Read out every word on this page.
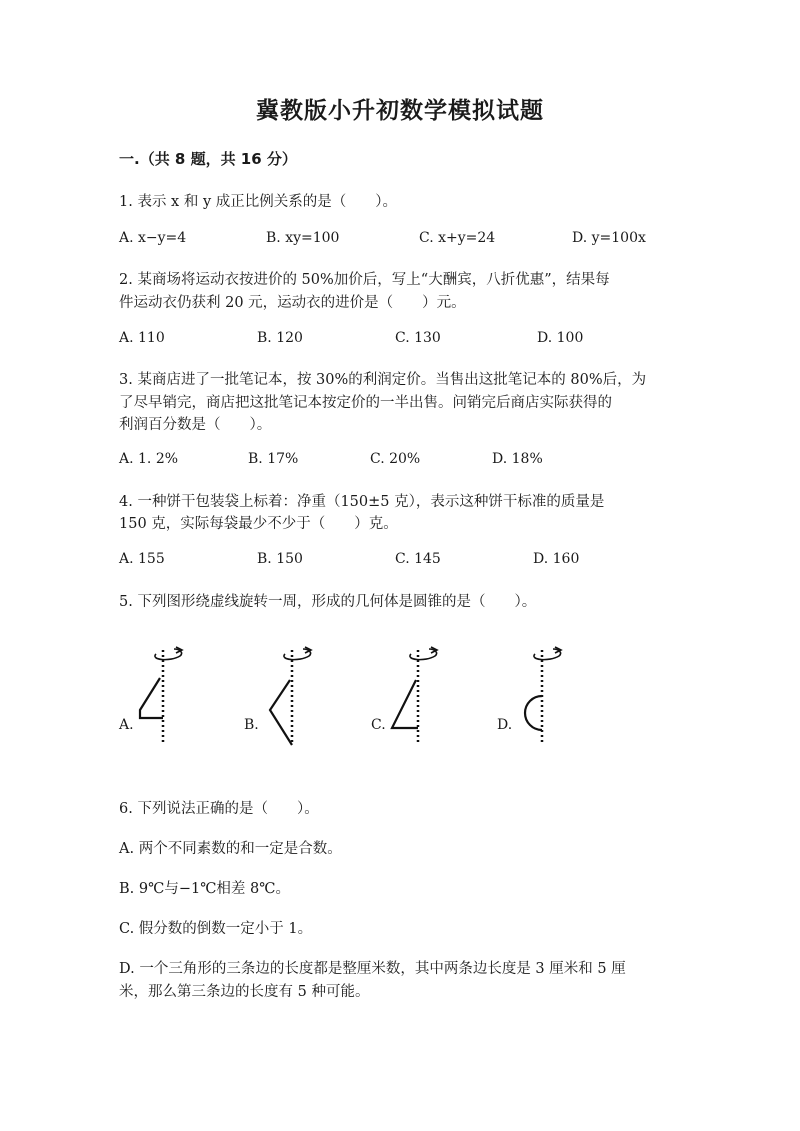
冀教版小升初数学模拟试题
一.（共 8 题，共 16 分）
1. 表示 x 和 y 成正比例关系的是（　　）。
A. x−y=4	B. xy=100	C. x+y=24	D. y=100x
2. 某商场将运动衣按进价的 50%加价后，写上“大酬宾，八折优惠”，结果每
件运动衣仍获利 20 元，运动衣的进价是（　　）元。
A. 110	B. 120	C. 130	D. 100
3. 某商店进了一批笔记本，按 30%的利润定价。当售出这批笔记本的 80%后，为
了尽早销完，商店把这批笔记本按定价的一半出售。问销完后商店实际获得的
利润百分数是（　　）。
A. 1. 2%	B. 17%	C. 20%	D. 18%
4. 一种饼干包装袋上标着：净重（150±5 克），表示这种饼干标准的质量是
150 克，实际每袋最少不少于（　　）克。
A. 155	B. 150	C. 145	D. 160
5. 下列图形绕虚线旋转一周，形成的几何体是圆锥的是（　　）。
A.	B.	C.	D.
6. 下列说法正确的是（　　）。
A. 两个不同素数的和一定是合数。
B. 9℃与−1℃相差 8℃。
C. 假分数的倒数一定小于 1。
D. 一个三角形的三条边的长度都是整厘米数，其中两条边长度是 3 厘米和 5 厘
米，那么第三条边的长度有 5 种可能。
